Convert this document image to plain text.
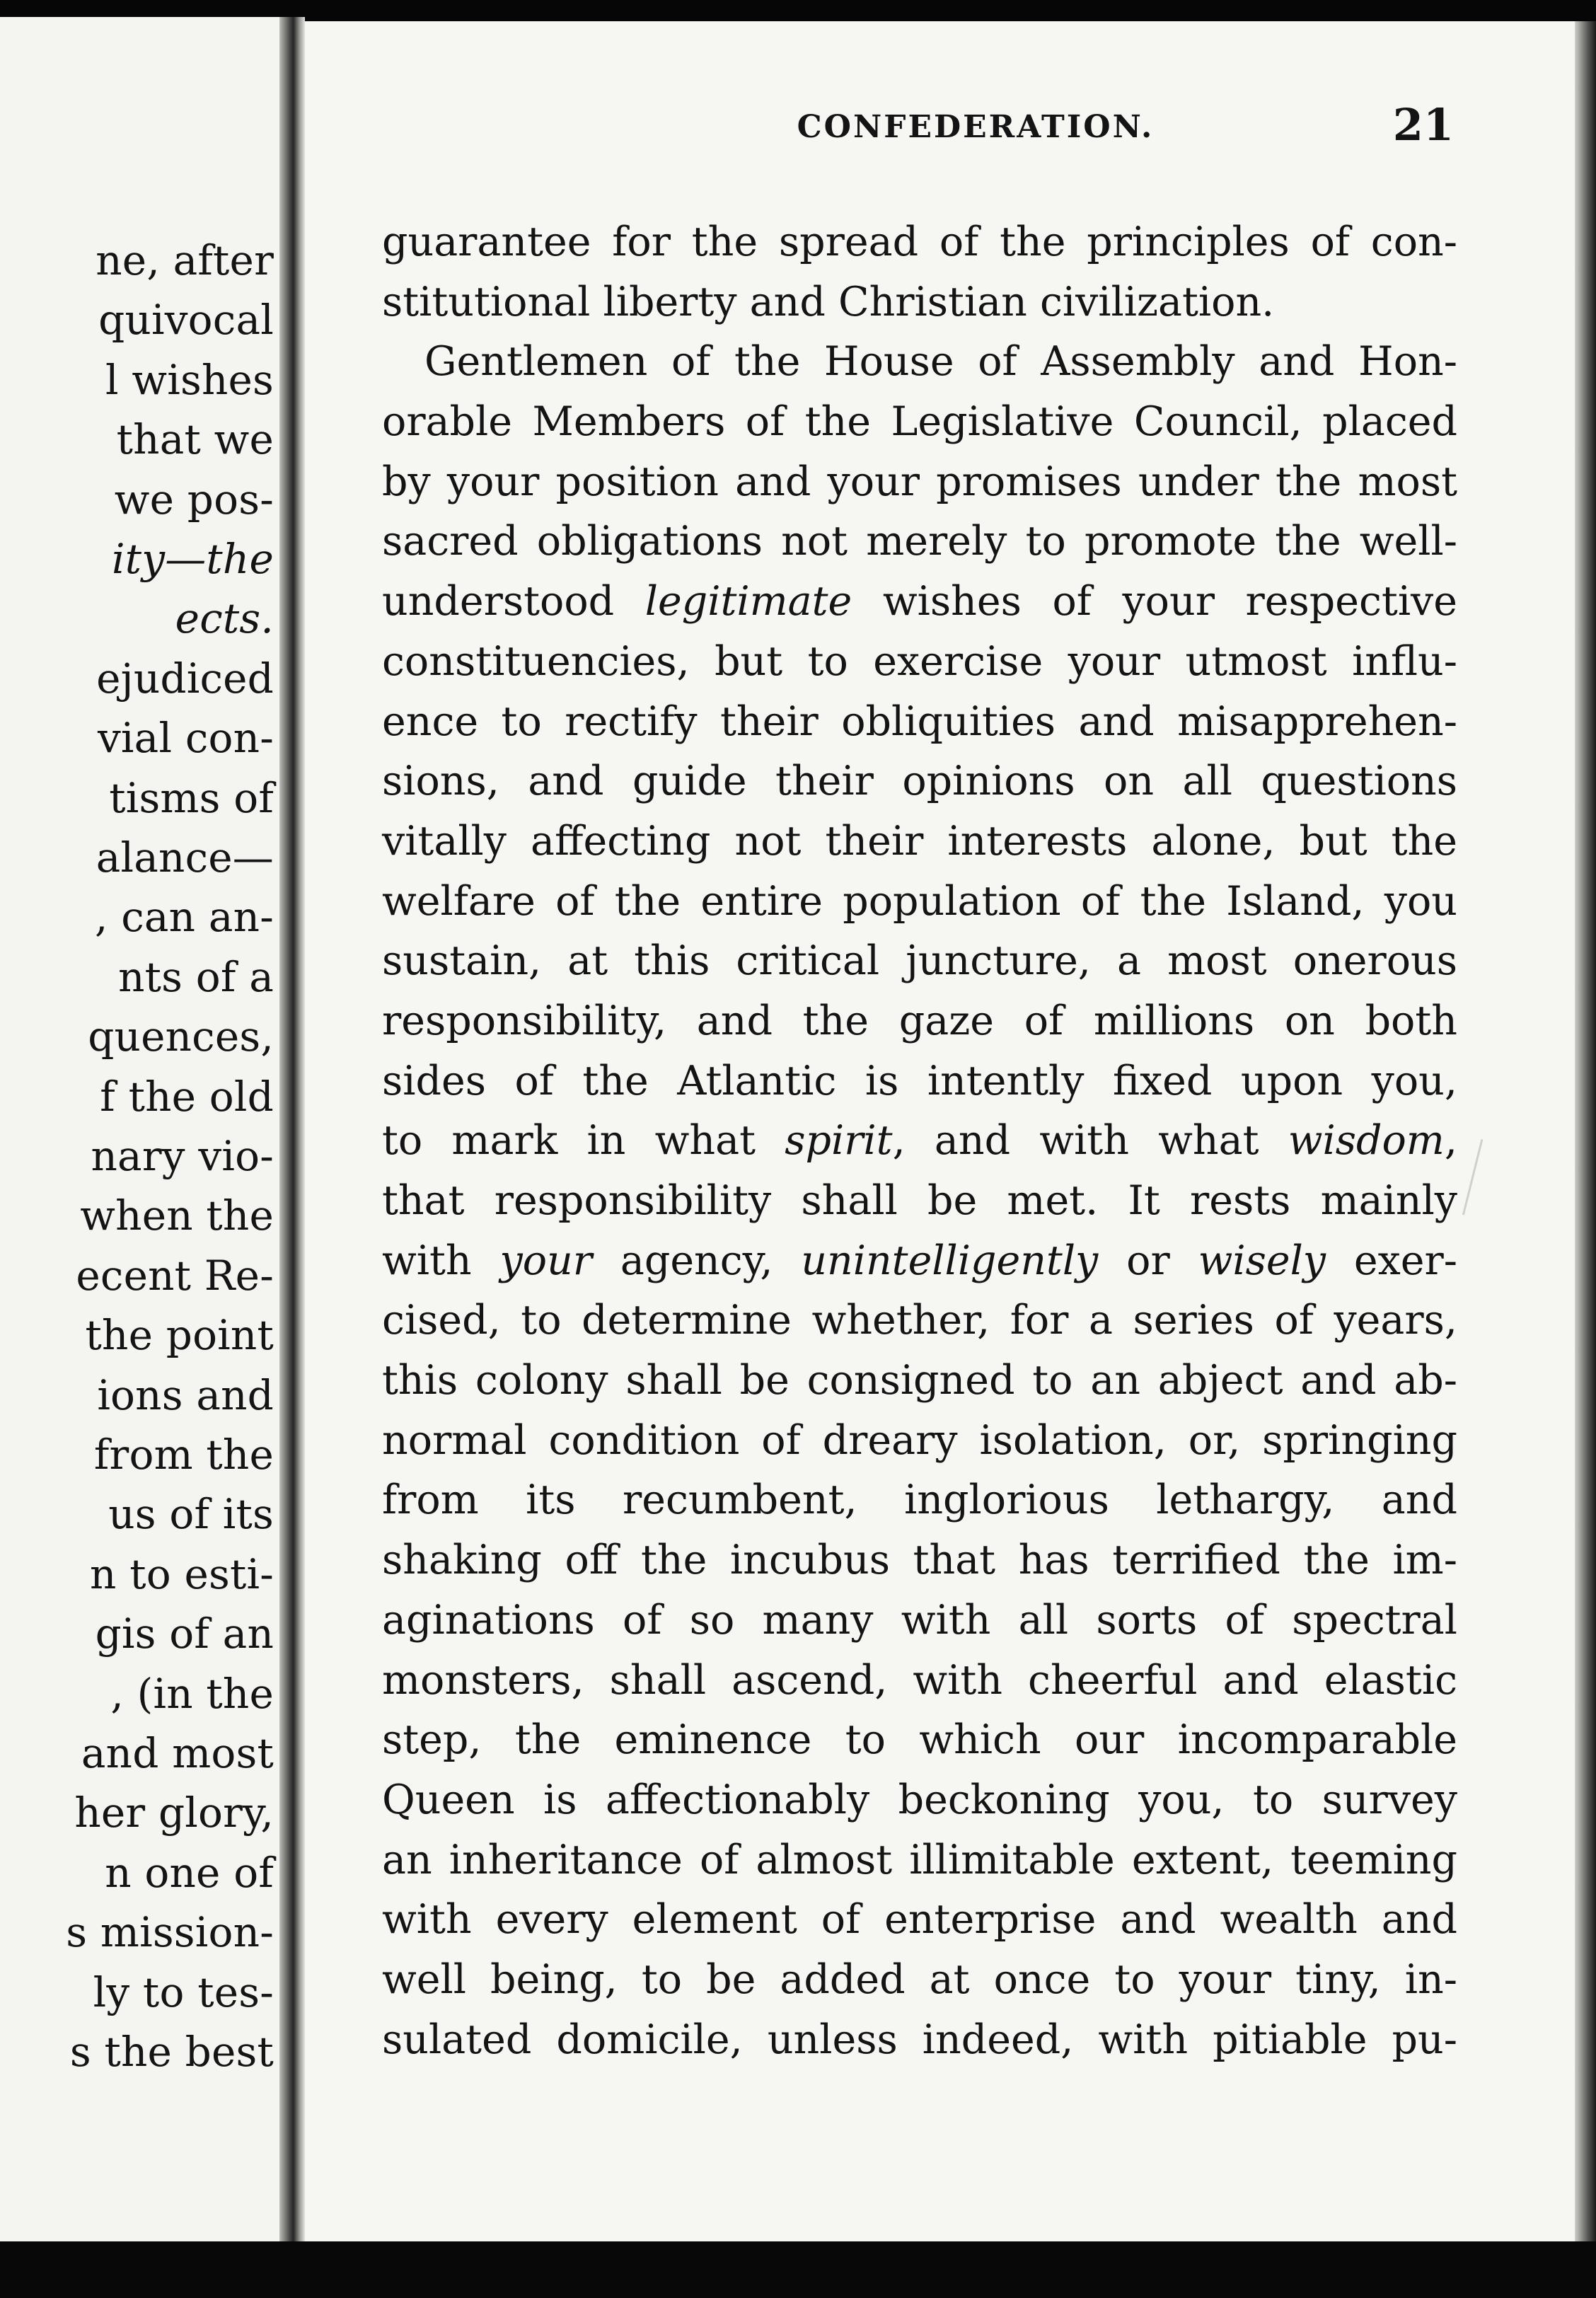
ne, after
quivocal
l wishes
that we
we pos-
ity—the
ects.
ejudiced
vial con-
tisms of
alance—
, can an-
nts of a
quences,
f the old
nary vio-
when the
ecent Re-
the point
ions and
from the
us of its
n to esti-
gis of an
, (in the
and most
her glory,
n one of
s mission-
ly to tes-
s the best
CONFEDERATION.	21
guarantee for the spread of the principles of con-
stitutional liberty and Christian civilization.
Gentlemen of the House of Assembly and Hon-
orable Members of the Legislative Council, placed
by your position and your promises under the most
sacred obligations not merely to promote the well-
understood legitimate wishes of your respective
constituencies, but to exercise your utmost influ-
ence to rectify their obliquities and misapprehen-
sions, and guide their opinions on all questions
vitally affecting not their interests alone, but the
welfare of the entire population of the Island, you
sustain, at this critical juncture, a most onerous
responsibility, and the gaze of millions on both
sides of the Atlantic is intently fixed upon you,
to mark in what spirit, and with what wisdom,
that responsibility shall be met. It rests mainly
with your agency, unintelligently or wisely exer-
cised, to determine whether, for a series of years,
this colony shall be consigned to an abject and ab-
normal condition of dreary isolation, or, springing
from its recumbent, inglorious lethargy, and
shaking off the incubus that has terrified the im-
aginations of so many with all sorts of spectral
monsters, shall ascend, with cheerful and elastic
step, the eminence to which our incomparable
Queen is affectionably beckoning you, to survey
an inheritance of almost illimitable extent, teeming
with every element of enterprise and wealth and
well being, to be added at once to your tiny, in-
sulated domicile, unless indeed, with pitiable pu-
